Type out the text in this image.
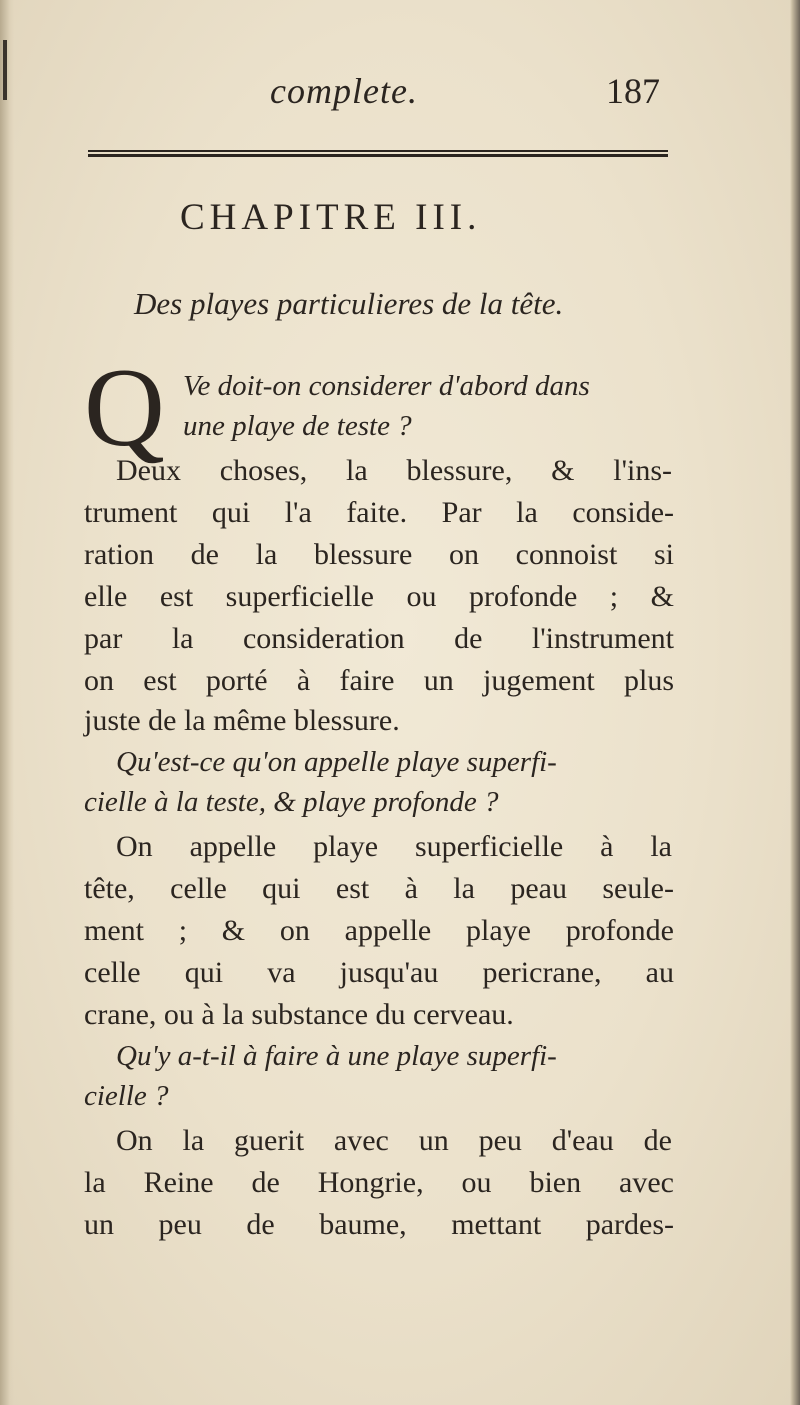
complete.	187
CHAPITRE III.
Des playes particulieres de la tête.
Q Ve doit-on considerer d'abord dans
une playe de teste ?
Deux choses, la blessure, & l'ins-
trument qui l'a faite. Par la conside-
ration de la blessure on connoist si
elle est superficielle ou profonde ; &
par la consideration de l'instrument
on est porté à faire un jugement plus
juste de la même blessure.
Qu'est-ce qu'on appelle playe superfi-
cielle à la teste, & playe profonde ?
On appelle playe superficielle à la
tête, celle qui est à la peau seule-
ment ; & on appelle playe profonde
celle qui va jusqu'au pericrane, au
crane, ou à la substance du cerveau.
Qu'y a-t-il à faire à une playe superfi-
cielle ?
On la guerit avec un peu d'eau de
la Reine de Hongrie, ou bien avec
un peu de baume, mettant pardes-
